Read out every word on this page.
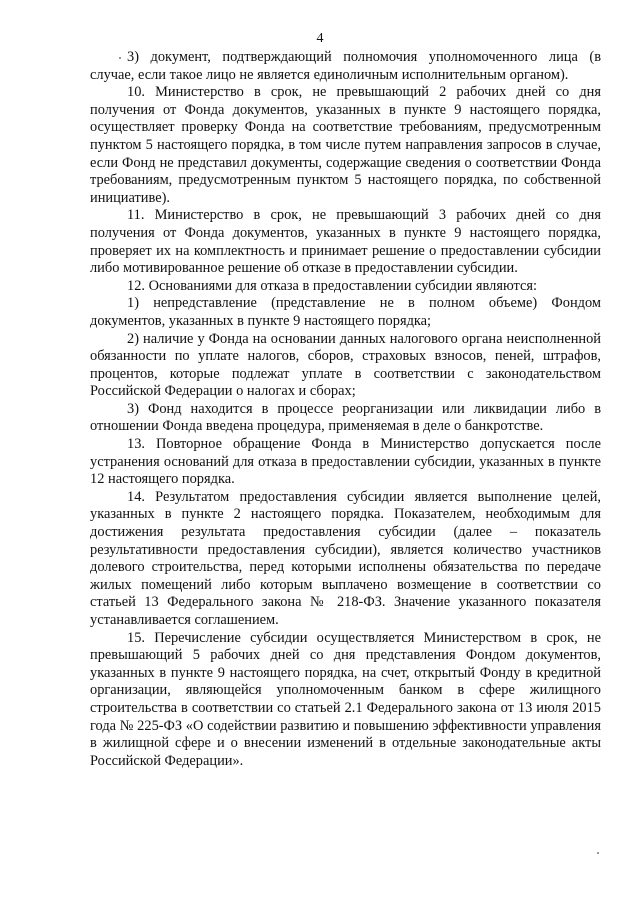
4

3) документ, подтверждающий полномочия уполномоченного лица (в случае, если такое лицо не является единоличным исполнительным органом).

10. Министерство в срок, не превышающий 2 рабочих дней со дня получения от Фонда документов, указанных в пункте 9 настоящего порядка, осуществляет проверку Фонда на соответствие требованиям, предусмотренным пунктом 5 настоящего порядка, в том числе путем направления запросов в случае, если Фонд не представил документы, содержащие сведения о соответствии Фонда требованиям, предусмотренным пунктом 5 настоящего порядка, по собственной инициативе).

11. Министерство в срок, не превышающий 3 рабочих дней со дня получения от Фонда документов, указанных в пункте 9 настоящего порядка, проверяет их на комплектность и принимает решение о предоставлении субсидии либо мотивированное решение об отказе в предоставлении субсидии.

12. Основаниями для отказа в предоставлении субсидии являются:

1) непредставление (представление не в полном объеме) Фондом документов, указанных в пункте 9 настоящего порядка;

2) наличие у Фонда на основании данных налогового органа неисполненной обязанности по уплате налогов, сборов, страховых взносов, пеней, штрафов, процентов, которые подлежат уплате в соответствии с законодательством Российской Федерации о налогах и сборах;

3) Фонд находится в процессе реорганизации или ликвидации либо в отношении Фонда введена процедура, применяемая в деле о банкротстве.

13. Повторное обращение Фонда в Министерство допускается после устранения оснований для отказа в предоставлении субсидии, указанных в пункте 12 настоящего порядка.

14. Результатом предоставления субсидии является выполнение целей, указанных в пункте 2 настоящего порядка. Показателем, необходимым для достижения результата предоставления субсидии (далее – показатель результативности предоставления субсидии), является количество участников долевого строительства, перед которыми исполнены обязательства по передаче жилых помещений либо которым выплачено возмещение в соответствии со статьей 13 Федерального закона № 218-ФЗ. Значение указанного показателя устанавливается соглашением.

15. Перечисление субсидии осуществляется Министерством в срок, не превышающий 5 рабочих дней со дня представления Фондом документов, указанных в пункте 9 настоящего порядка, на счет, открытый Фонду в кредитной организации, являющейся уполномоченным банком в сфере жилищного строительства в соответствии со статьей 2.1 Федерального закона от 13 июля 2015 года № 225-ФЗ «О содействии развитию и повышению эффективности управления в жилищной сфере и о внесении изменений в отдельные законодательные акты Российской Федерации».
